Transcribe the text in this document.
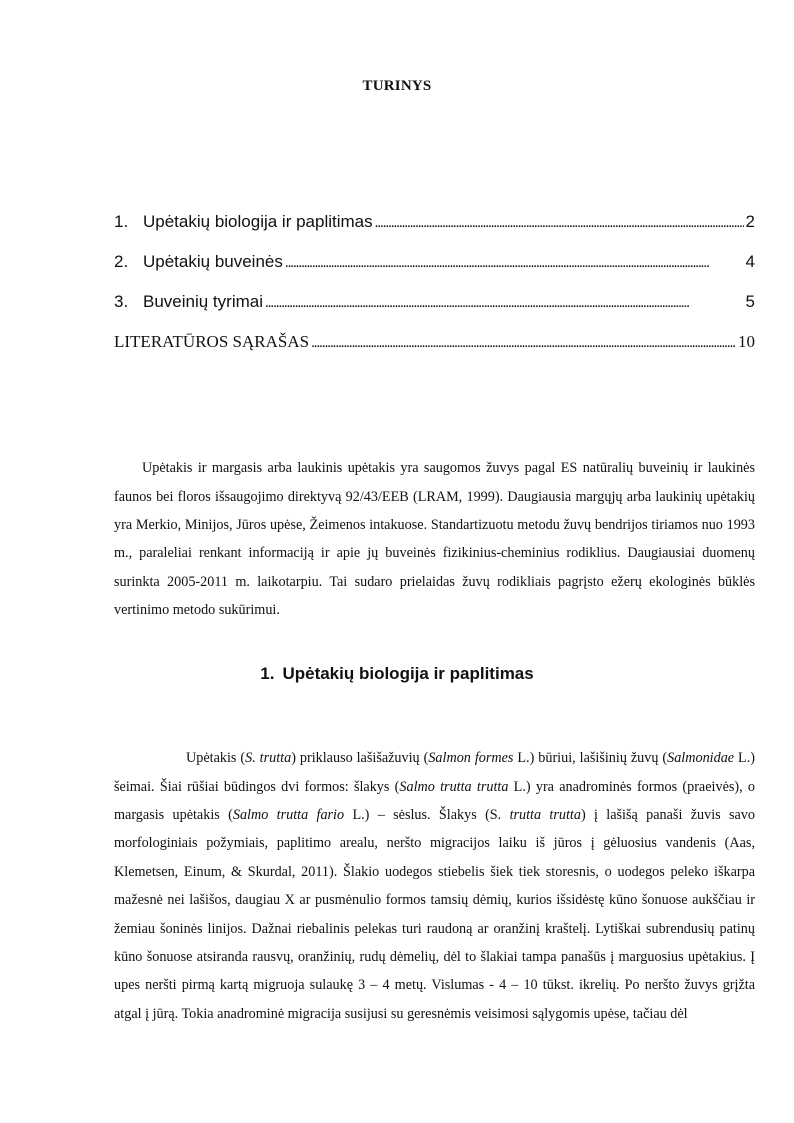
TURINYS
1. Upėtakių biologija ir paplitimas . . .	2
2. Upėtakių buveinės . . .	4
3. Buveinių tyrimai . . .	5
LITERATŪROS SĄRAŠAS . . .	10

Upėtakis ir margasis arba laukinis upėtakis yra saugomos žuvys pagal ES natūralių buveinių ir laukinės faunos bei floros išsaugojimo direktyvą 92/43/EEB (LRAM, 1999). Daugiausia margųjų arba laukinių upėtakių yra Merkio, Minijos, Jūros upėse, Žeimenos intakuose. Standartizuotu metodu žuvų bendrijos tiriamos nuo 1993 m., paraleliai renkant informaciją ir apie jų buveinės fizikinius-cheminius rodiklius. Daugiausiai duomenų surinkta 2005-2011 m. laikotarpiu. Tai sudaro prielaidas žuvų rodikliais pagrįsto ežerų ekologinės būklės vertinimo metodo sukūrimui.

1. Upėtakių biologija ir paplitimas

Upėtakis (S. trutta) priklauso lašišažuvių (Salmon formes L.) būriui, lašišinių žuvų (Salmonidae L.) šeimai. Šiai rūšiai būdingos dvi formos: šlakys (Salmo trutta trutta L.) yra anadrominės formos (praeivės), o margasis upėtakis (Salmo trutta fario L.) – sėslus. Šlakys (S. trutta trutta) į lašišą panaši žuvis savo morfologiniais požymiais, paplitimo arealu, neršto migracijos laiku iš jūros į gėluosius vandenis (Aas, Klemetsen, Einum, & Skurdal, 2011). Šlakio uodegos stiebelis šiek tiek storesnis, o uodegos peleko iškarpa mažesnė nei lašišos, daugiau X ar pusmėnulio formos tamsių dėmių, kurios išsidėstę kūno šonuose aukščiau ir žemiau šoninės linijos. Dažnai riebalinis pelekas turi raudoną ar oranžinį kraštelį. Lytiškai subrendusių patinų kūno šonuose atsiranda rausvų, oranžinių, rudų dėmelių, dėl to šlakiai tampa panašūs į marguosius upėtakius. Į upes neršti pirmą kartą migruoja sulaukę 3 – 4 metų. Vislumas - 4 – 10 tūkst. ikrelių. Po neršto žuvys grįžta atgal į jūrą. Tokia anadrominė migracija susijusi su geresnėmis veisimosi sąlygomis upėse, tačiau dėl
